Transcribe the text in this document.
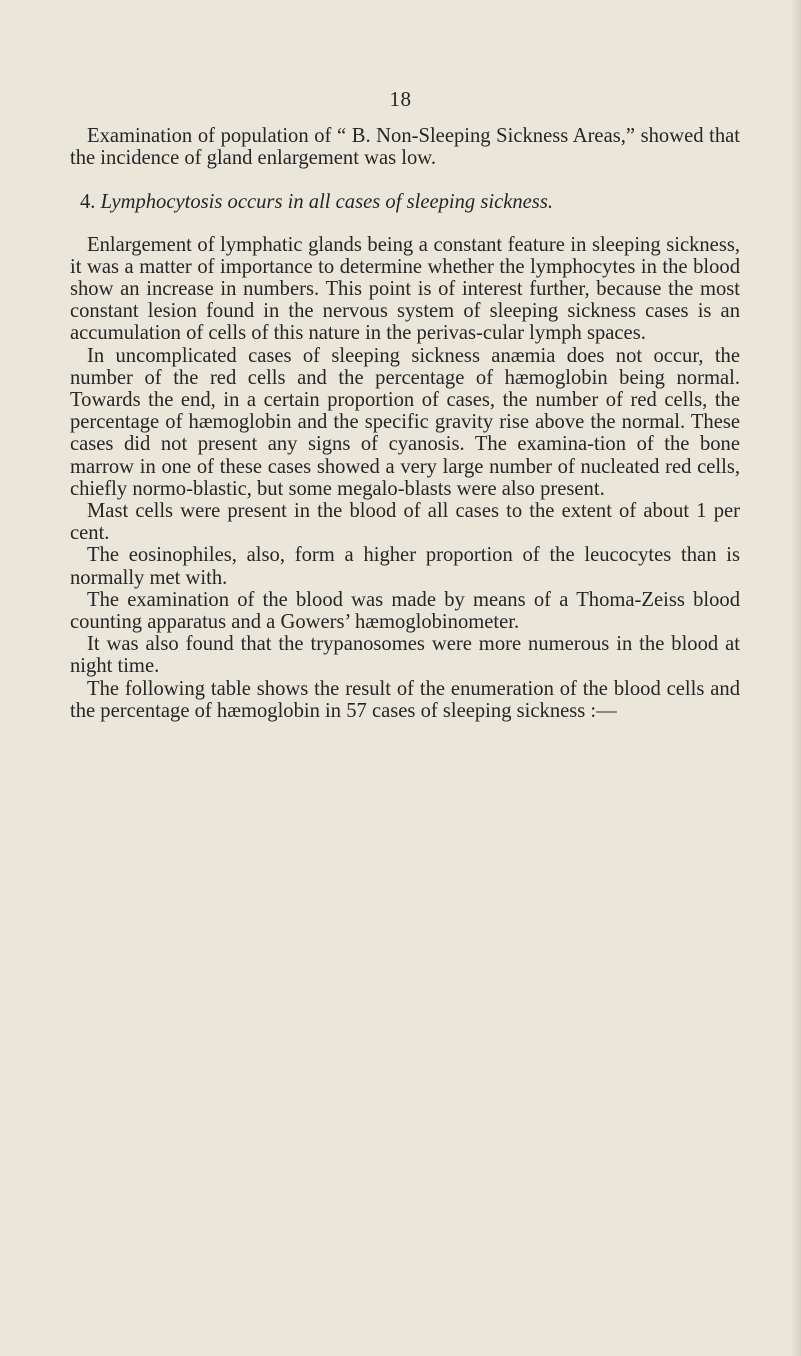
18

Examination of population of “ B. Non-Sleeping Sickness Areas,” showed that the incidence of gland enlargement was low.

4. Lymphocytosis occurs in all cases of sleeping sickness.

Enlargement of lymphatic glands being a constant feature in sleeping sickness, it was a matter of importance to determine whether the lymphocytes in the blood show an increase in numbers. This point is of interest further, because the most constant lesion found in the nervous system of sleeping sickness cases is an accumulation of cells of this nature in the perivas-cular lymph spaces.

In uncomplicated cases of sleeping sickness anæmia does not occur, the number of the red cells and the percentage of hæmoglobin being normal. Towards the end, in a certain proportion of cases, the number of red cells, the percentage of hæmoglobin and the specific gravity rise above the normal. These cases did not present any signs of cyanosis. The examina-tion of the bone marrow in one of these cases showed a very large number of nucleated red cells, chiefly normo-blastic, but some megalo-blasts were also present.

Mast cells were present in the blood of all cases to the extent of about 1 per cent.

The eosinophiles, also, form a higher proportion of the leucocytes than is normally met with.

The examination of the blood was made by means of a Thoma-Zeiss blood counting apparatus and a Gowers’ hæmoglobinometer.

It was also found that the trypanosomes were more numerous in the blood at night time.

The following table shows the result of the enumeration of the blood cells and the percentage of hæmoglobin in 57 cases of sleeping sickness :—
